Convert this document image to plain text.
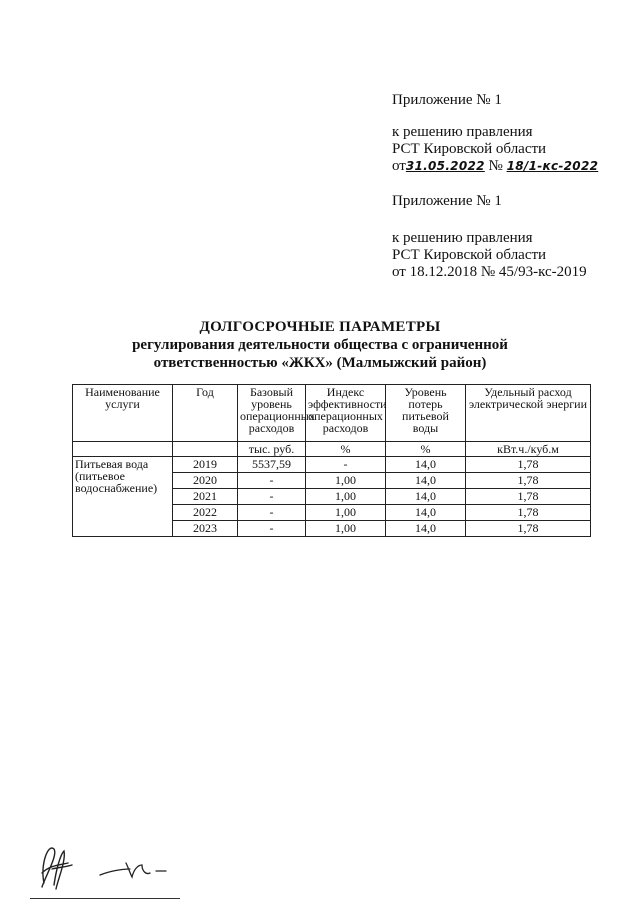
Приложение № 1
к решению правления
РСТ Кировской области
от31.05.2022 № 18/1-кс-2022
Приложение № 1
к решению правления
РСТ Кировской области
от 18.12.2018 № 45/93-кс-2019
ДОЛГОСРОЧНЫЕ ПАРАМЕТРЫ
регулирования деятельности общества с ограниченной
ответственностью «ЖКХ» (Малмыжский район)
Наименование услуги	Год	Базовый уровень операционных расходов	Индекс эффективности операционных расходов	Уровень потерь питьевой воды	Удельный расход электрической энергии
		тыс. руб.	%	%	кВт.ч./куб.м
Питьевая вода (питьевое водоснабжение)	2019	5537,59	-	14,0	1,78
	2020	-	1,00	14,0	1,78
	2021	-	1,00	14,0	1,78
	2022	-	1,00	14,0	1,78
	2023	-	1,00	14,0	1,78
